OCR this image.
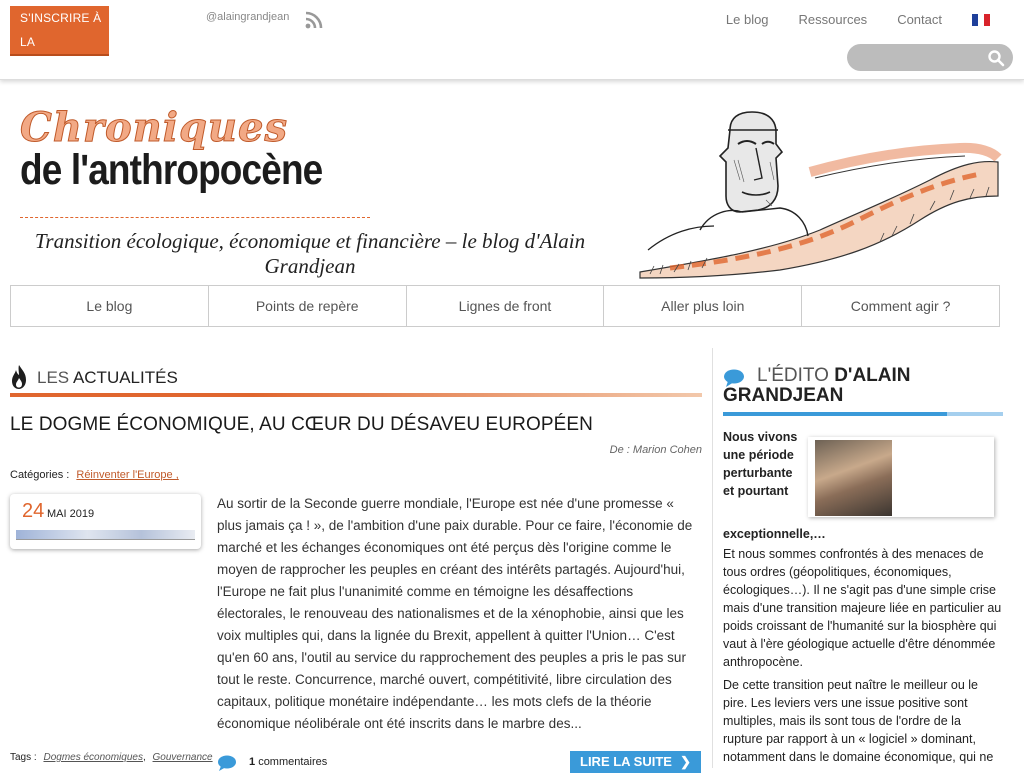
S'INSCRIRE À LA
NEWSLETTER
@alaingrandjean	Le blog Ressources Contact
Chroniques
de l'anthropocène
Transition écologique, économique et financière – le blog d'Alain Grandjean
Le blog	Points de repère	Lignes de front	Aller plus loin	Comment agir ?
LES ACTUALITÉS
LE DOGME ÉCONOMIQUE, AU CŒUR DU DÉSAVEU EUROPÉEN
De : Marion Cohen
Catégories : Réinventer l'Europe ,
24 MAI 2019
Au sortir de la Seconde guerre mondiale, l'Europe est née d'une promesse « plus jamais ça ! », de l'ambition d'une paix durable. Pour ce faire, l'économie de marché et les échanges économiques ont été perçus dès l'origine comme le moyen de rapprocher les peuples en créant des intérêts partagés. Aujourd'hui, l'Europe ne fait plus l'unanimité comme en témoigne les désaffections électorales, le renouveau des nationalismes et de la xénophobie, ainsi que les voix multiples qui, dans la lignée du Brexit, appellent à quitter l'Union… C'est qu'en 60 ans, l'outil au service du rapprochement des peuples a pris le pas sur tout le reste. Concurrence, marché ouvert, compétitivité, libre circulation des capitaux, politique monétaire indépendante… les mots clefs de la théorie économique néolibérale ont été inscrits dans le marbre des...
Tags : Dogmes économiques, Gouvernance	1 commentaires	LIRE LA SUITE ❯
L'ÉDITO D'ALAIN GRANDJEAN
Nous vivons une période perturbante et pourtant
exceptionnelle,…

Et nous sommes confrontés à des menaces de tous ordres (géopolitiques, économiques, écologiques…). Il ne s'agit pas d'une simple crise mais d'une transition majeure liée en particulier au poids croissant de l'humanité sur la biosphère qui vaut à l'ère géologique actuelle d'être dénommée anthropocène.

De cette transition peut naître le meilleur ou le pire. Les leviers vers une issue positive sont multiples, mais ils sont tous de l'ordre de la rupture par rapport à un « logiciel » dominant, notamment dans le domaine économique, qui ne
